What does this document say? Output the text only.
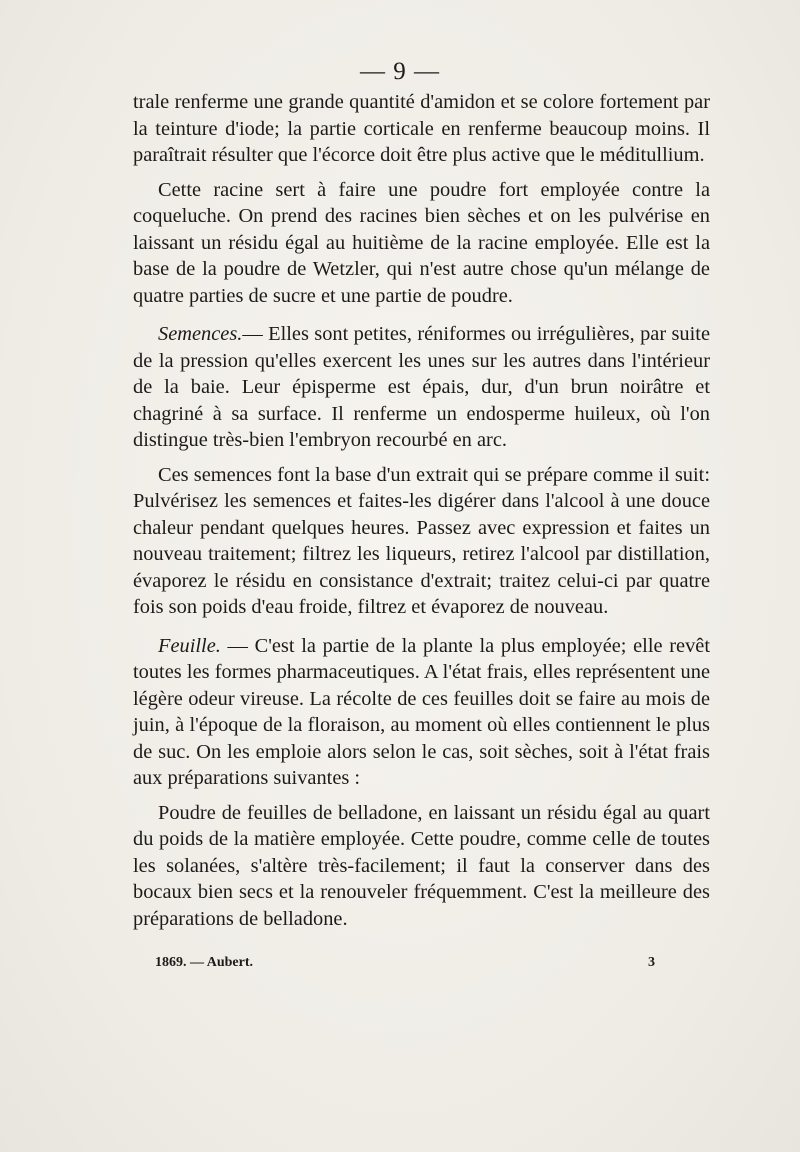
— 9 —

trale renferme une grande quantité d'amidon et se colore fortement par la teinture d'iode; la partie corticale en renferme beaucoup moins. Il paraîtrait résulter que l'écorce doit être plus active que le méditullium.

Cette racine sert à faire une poudre fort employée contre la coqueluche. On prend des racines bien sèches et on les pulvérise en laissant un résidu égal au huitième de la racine employée. Elle est la base de la poudre de Wetzler, qui n'est autre chose qu'un mélange de quatre parties de sucre et une partie de poudre.

Semences.— Elles sont petites, réniformes ou irrégulières, par suite de la pression qu'elles exercent les unes sur les autres dans l'intérieur de la baie. Leur épisperme est épais, dur, d'un brun noirâtre et chagriné à sa surface. Il renferme un endosperme huileux, où l'on distingue très-bien l'embryon recourbé en arc.

Ces semences font la base d'un extrait qui se prépare comme il suit: Pulvérisez les semences et faites-les digérer dans l'alcool à une douce chaleur pendant quelques heures. Passez avec expression et faites un nouveau traitement; filtrez les liqueurs, retirez l'alcool par distillation, évaporez le résidu en consistance d'extrait; traitez celui-ci par quatre fois son poids d'eau froide, filtrez et évaporez de nouveau.

Feuille. — C'est la partie de la plante la plus employée; elle revêt toutes les formes pharmaceutiques. A l'état frais, elles représentent une légère odeur vireuse. La récolte de ces feuilles doit se faire au mois de juin, à l'époque de la floraison, au moment où elles contiennent le plus de suc. On les emploie alors selon le cas, soit sèches, soit à l'état frais aux préparations suivantes :

Poudre de feuilles de belladone, en laissant un résidu égal au quart du poids de la matière employée. Cette poudre, comme celle de toutes les solanées, s'altère très-facilement; il faut la conserver dans des bocaux bien secs et la renouveler fréquemment. C'est la meilleure des préparations de belladone.

1869. — Aubert.	3
